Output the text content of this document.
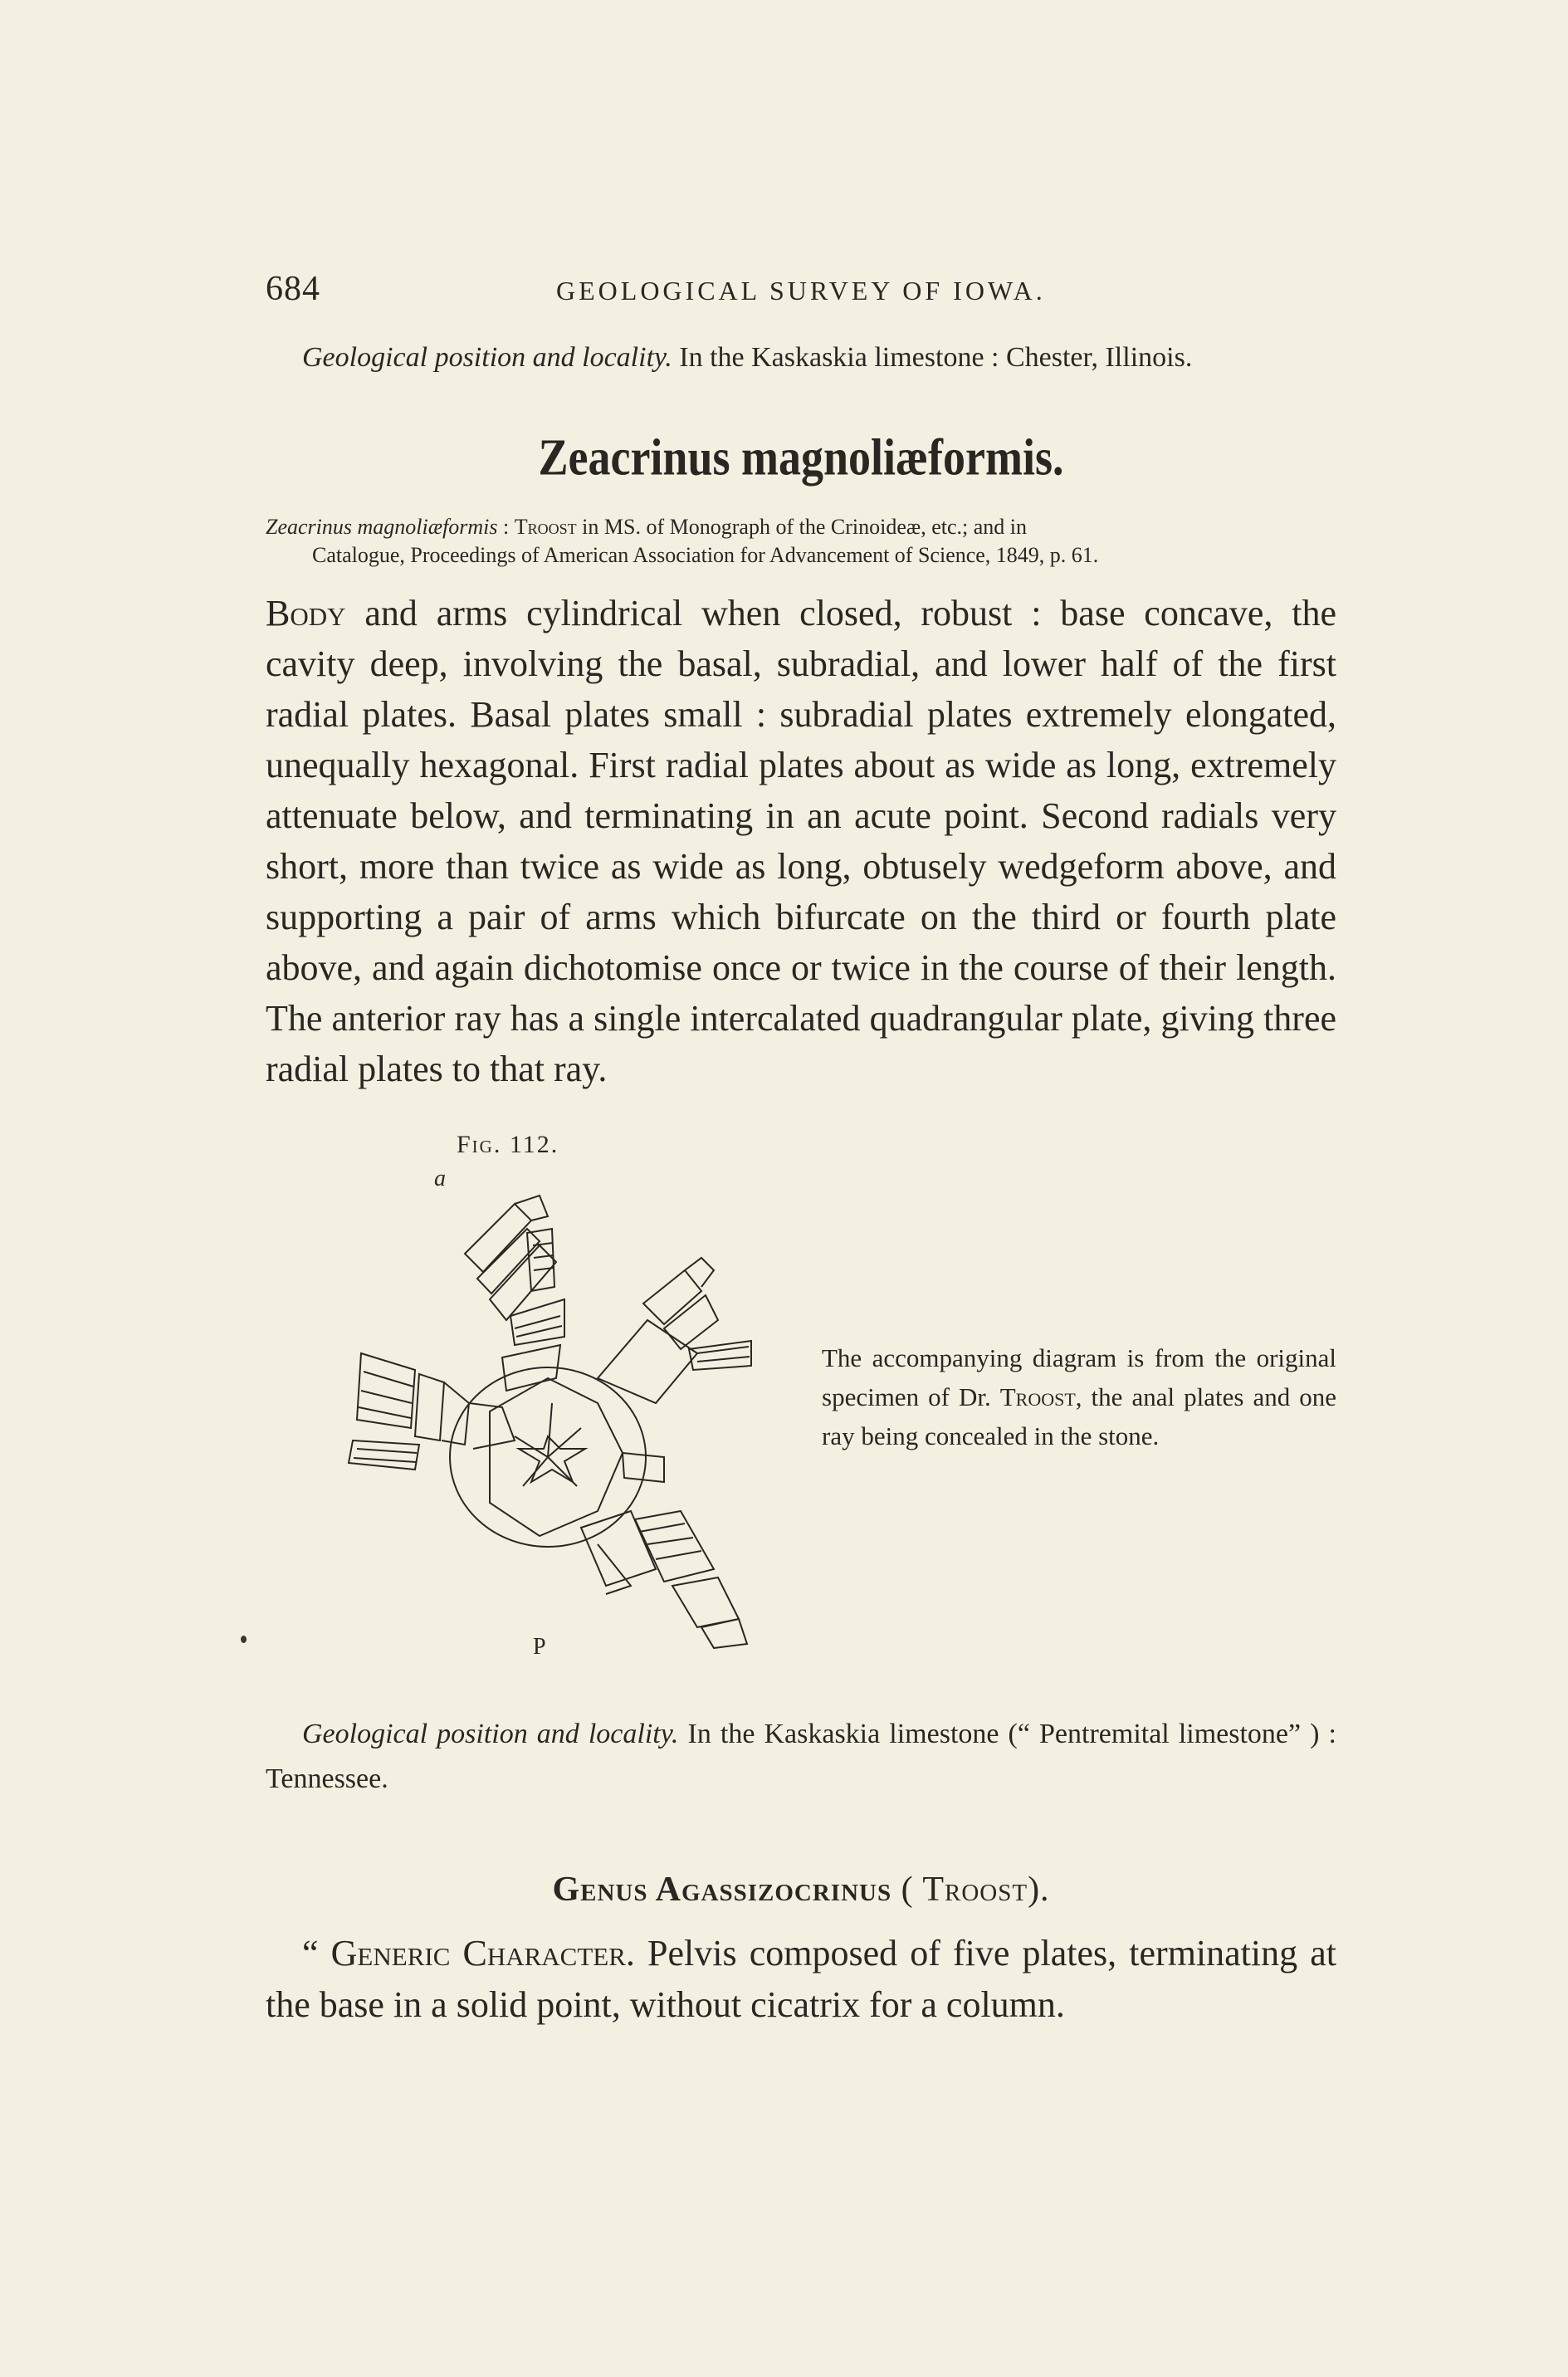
684	GEOLOGICAL SURVEY OF IOWA.

Geological position and locality. In the Kaskaskia limestone : Chester, Illinois.

Zeacrinus magnoliæformis.
Zeacrinus magnoliæformis : Troost in MS. of Monograph of the Crinoideæ, etc.; and in
Catalogue, Proceedings of American Association for Advancement of Science, 1849, p. 61.

Body and arms cylindrical when closed, robust : base concave, the cavity deep, involving the basal, subradial, and lower half of the first radial plates. Basal plates small : subradial plates extremely elongated, unequally hexagonal. First radial plates about as wide as long, extremely attenuate below, and terminating in an acute point. Second radials very short, more than twice as wide as long, obtusely wedgeform above, and supporting a pair of arms which bifurcate on the third or fourth plate above, and again dichotomise once or twice in the course of their length. The anterior ray has a single intercalated quadrangular plate, giving three radial plates to that ray.

Fig. 112.
a
P
The accompanying diagram is from the original specimen of Dr. Troost, the anal plates and one ray being concealed in the stone.

Geological position and locality. In the Kaskaskia limestone (“ Pentremital limestone” ) : Tennessee.

Genus Agassizocrinus ( Troost).

“ Generic Character. Pelvis composed of five plates, terminating at the base in a solid point, without cicatrix for a column.
